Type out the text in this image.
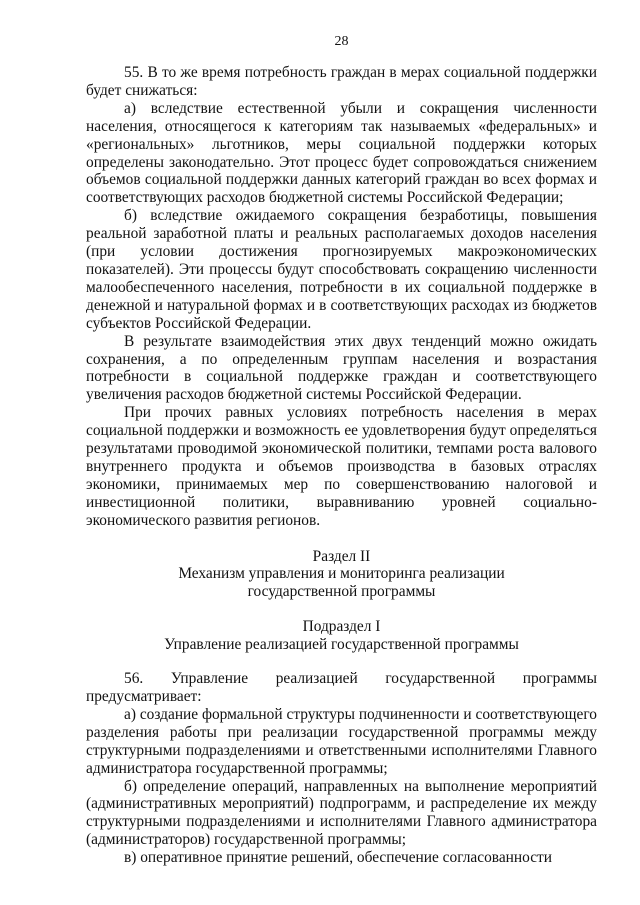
28

55. В то же время потребность граждан в мерах социальной поддержки будет снижаться:

а) вследствие естественной убыли и сокращения численности населения, относящегося к категориям так называемых «федеральных» и «региональных» льготников, меры социальной поддержки которых определены законодательно. Этот процесс будет сопровождаться снижением объемов социальной поддержки данных категорий граждан во всех формах и соответствующих расходов бюджетной системы Российской Федерации;

б) вследствие ожидаемого сокращения безработицы, повышения реальной заработной платы и реальных располагаемых доходов населения (при условии достижения прогнозируемых макроэкономических показателей). Эти процессы будут способствовать сокращению численности малообеспеченного населения, потребности в их социальной поддержке в денежной и натуральной формах и в соответствующих расходах из бюджетов субъектов Российской Федерации.

В результате взаимодействия этих двух тенденций можно ожидать сохранения, а по определенным группам населения и возрастания потребности в социальной поддержке граждан и соответствующего увеличения расходов бюджетной системы Российской Федерации.

При прочих равных условиях потребность населения в мерах социальной поддержки и возможность ее удовлетворения будут определяться результатами проводимой экономической политики, темпами роста валового внутреннего продукта и объемов производства в базовых отраслях экономики, принимаемых мер по совершенствованию налоговой и инвестиционной политики, выравниванию уровней социально-экономического развития регионов.

Раздел II

Механизм управления и мониторинга реализации

государственной программы

Подраздел I

Управление реализацией государственной программы

56. Управление реализацией государственной программы предусматривает:

а) создание формальной структуры подчиненности и соответствующего разделения работы при реализации государственной программы между структурными подразделениями и ответственными исполнителями Главного администратора государственной программы;

б) определение операций, направленных на выполнение мероприятий (административных мероприятий) подпрограмм, и распределение их между структурными подразделениями и исполнителями Главного администратора (администраторов) государственной программы;

в) оперативное принятие решений, обеспечение согласованности
